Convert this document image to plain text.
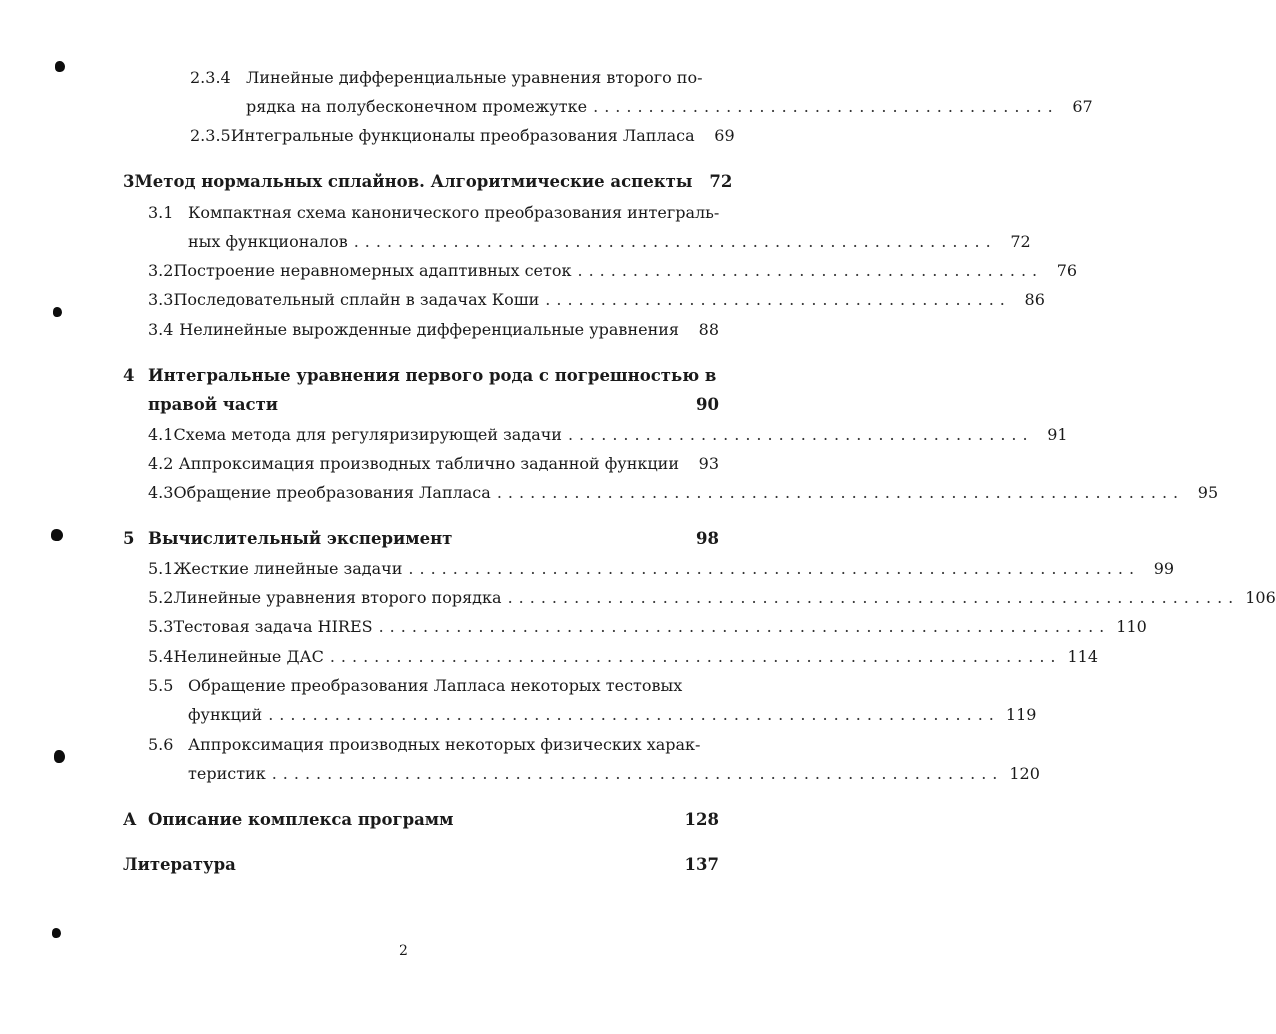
2.3.4 Линейные дифференциальные уравнения второго по-
рядка на полубесконечном промежутке .......................................... 67
2.3.5 Интегральные функционалы преобразования Лапласа	69
3 Метод нормальных сплайнов. Алгоритмические аспекты	72
3.1 Компактная схема канонического преобразования интеграль-
ных функционалов .......................................................... 72
3.2 Построение неравномерных адаптивных сеток .......................................... 76
3.3 Последовательный сплайн в задачах Коши .......................................... 86
3.4 Нелинейные вырожденные дифференциальные уравнения	88
4 Интегральные уравнения первого рода с погрешностью в
правой части	90
4.1 Схема метода для регуляризирующей задачи .......................................... 91
4.2 Аппроксимация производных таблично заданной функции	93
4.3 Обращение преобразования Лапласа .............................................................. 95
5 Вычислительный эксперимент	98
5.1 Жесткие линейные задачи .................................................................. 99
5.2 Линейные уравнения второго порядка .................................................................. 106
5.3 Тестовая задача HIRES .................................................................. 110
5.4 Нелинейные ДАС .................................................................. 114
5.5 Обращение преобразования Лапласа некоторых тестовых
функций .................................................................. 119
5.6 Аппроксимация производных некоторых физических харак-
теристик .................................................................. 120
А Описание комплекса программ	128
Литература	137
2
